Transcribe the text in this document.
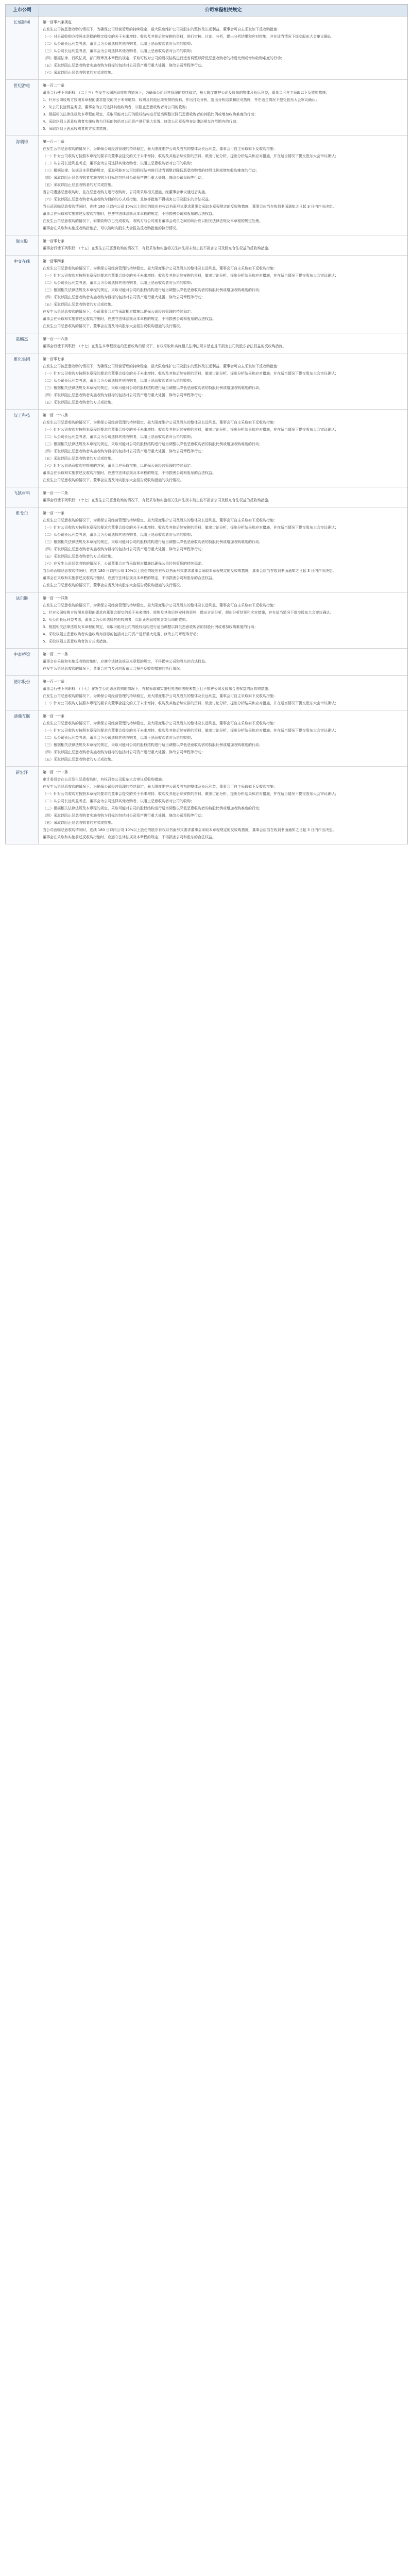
上市公司	公司章程相关规定
长城影视	第一百零六条规定

在发生公司被恶意收购的情况下，为确保公司经营管理的持续稳定，最大限度维护公司及股东的整体及长远利益，董事会可自主采取如下反收购措施：

（一）对公司收购方按照本章程的规定提交的关于未来增持、收购及其他后续安排的资料，进行审核、讨论、分析，提出分析结果和应对措施，并在适当情况下提交股东大会审议确认；

（二）从公司长远利益考虑，董事会为公司选择其他收购者，以阻止恶意收购者对公司的收购；

（三）从公司长远利益考虑，董事会为公司选择其他收购者，以阻止恶意收购者对公司的收购；

（四）根据法律、行政法规、部门规章及本章程的规定，采取可能对公司的股权结构进行适当调整以降低恶意收购者的持股比例或增加收购难度的行动；

（五）采取以阻止恶意收购者实施收购为目标的包括对公司资产进行重大处置、修改公司章程等行动。

（六）采取以阻止恶意收购者的方式或措施。

世纪游轮	第一百二十条

董事会行使下列职权：（二十三）在发生公司恶意收购的情况下，为确保公司经营管理的持续稳定，最大限度维护公司及股东的整体及长远利益，董事会可自主采取以下反收购措施：

1、针对公司收购方按照本章程的要求提交的关于未来增持、收购及其他后续安排的资料，作出讨论分析，提出分析结果和应对措施，并在适当情况下提交股东大会审议确认；

2、从公司长远利益考虑，董事会为公司选择其他收购者，以阻止恶意收购者对公司的收购；

3、根据相关法律法规及本章程的规定，采取可能对公司的股权结构进行适当调整以降低恶意收购者的持股比例或增加收购难度的行动；

4、采取以阻止恶意收购者实施收购为目标的包括对公司资产进行重大处置、修改公司章程等在法律法规允许范围内的行动；

5、采取以阻止恶意收购者的方式或措施。

海利得	第一百一十条

在发生公司恶意收购的情况下，为确保公司经营管理的持续稳定，最大限度维护公司及股东的整体及长远利益，董事会可自主采取如下反收购措施：

（一）针对公司收购方按照本章程的要求向董事会提交的关于未来增持、收购及其他后续安排的资料，做出讨论分析，提出分析结果和应对措施，并在适当情况下提交股东大会审议确认；

（二）从公司长远利益考虑，董事会为公司选择其他收购者，以阻止恶意收购者对公司的收购；

（三）根据法律、法规及本章程的规定，采取可能对公司的股权结构进行适当调整以降低恶意收购者的持股比例或增加收购难度的行动；

（四）采取以阻止恶意收购者实施收购为目标的包括对公司资产进行重大处置、修改公司章程等行动；

（五）采取以阻止恶意收购者的方式或措施。

当公司遭遇恶意收购时，且在恶意收购方进行收购时，公司须采取相关措施，经董事会审议通过后实施。

（六）采取以阻止恶意收购者实施收购为目的的方式或措施，且该等措施不得损害公司及股东的合法权益。

当公司面临恶意收购情况时，连续 180 日以内公司 10%以上股份的股东有权以书面形式要求董事会采取本章程规定的反收购措施，董事会应当在收到书面通知之日起 3 日内作出决定。

董事会在采取和实施前述反收购措施时，应遵守法律法规及本章程的规定，不得损害公司和股东的合法权益。

在发生公司恶意收购的情况下，如果收购方已完成收购，收购方与公司现有董事会成员之间的纠纷应以相关法律法规及本章程的规定处理。

董事会在采取和实施反收购措施后，可以随时向股东大会报告反收购措施的执行情况。

海立股	第一百零七条

董事会行使下列职权：（十五）在发生公司恶意收购的情况下，有权采取和实施相关法律法规未禁止且不损害公司及股东合法权益的反收购措施。

中文在线	第一百零四条

在发生公司恶意收购的情况下，为确保公司经营管理的持续稳定，最大限度维护公司及股东的整体及长远利益，董事会可自主采取如下反收购措施：

（一）针对公司收购方按照本章程的要求向董事会提交的关于未来增持、收购及其他后续安排的资料，做出讨论分析，提出分析结果和应对措施，并在适当情况下提交股东大会审议确认；

（二）从公司长远利益考虑，董事会为公司选择其他收购者，以阻止恶意收购者对公司的收购；

（三）根据相关法律法规及本章程的规定，采取可能对公司的股权结构进行适当调整以降低恶意收购者的持股比例或增加收购难度的行动；

（四）采取以阻止恶意收购者实施收购为目标的包括对公司资产进行重大处置、修改公司章程等行动；

（五）采取以阻止恶意收购者的方式或措施。

在发生公司恶意收购的情况下，公司董事会应当采取相应措施以确保公司经营管理的持续稳定。

董事会在采取和实施前述反收购措施时，应遵守法律法规及本章程的规定，不得损害公司和股东的合法权益。

在发生公司恶意收购的情况下，董事会应当及时向股东大会报告反收购措施的执行情况。

嘉麟杰	第一百一十六条

董事会行使下列职权：（十七）在发生本章程规定的恶意收购的情况下，有权采取和实施相关法律法规未禁止且不损害公司及股东合法权益的反收购措施。

雅化集团	第一百零七条

在发生公司被恶意收购的情况下，为确保公司经营管理的持续稳定，最大限度维护公司及股东的整体及长远利益，董事会可自主采取如下反收购措施：

（一）针对公司收购方按照本章程的要求向董事会提交的关于未来增持、收购及其他后续安排的资料，做出讨论分析，提出分析结果和应对措施，并在适当情况下提交股东大会审议确认；

（二）从公司长远利益考虑，董事会为公司选择其他收购者，以阻止恶意收购者对公司的收购；

（三）根据相关法律法规及本章程的规定，采取可能对公司的股权结构进行适当调整以降低恶意收购者的持股比例或增加收购难度的行动；

（四）采取以阻止恶意收购者实施收购为目标的包括对公司资产进行重大处置、修改公司章程等行动；

（五）采取以阻止恶意收购者的方式或措施。

汉王科技	第一百一十八条

在发生公司恶意收购的情况下，为确保公司经营管理的持续稳定，最大限度维护公司及股东的整体及长远利益，董事会可自主采取如下反收购措施：

（一）针对公司收购方按照本章程的要求向董事会提交的关于未来增持、收购及其他后续安排的资料，做出讨论分析，提出分析结果和应对措施，并在适当情况下提交股东大会审议确认；

（二）从公司长远利益考虑，董事会为公司选择其他收购者，以阻止恶意收购者对公司的收购；

（三）根据相关法律法规及本章程的规定，采取可能对公司的股权结构进行适当调整以降低恶意收购者的持股比例或增加收购难度的行动；

（四）采取以阻止恶意收购者实施收购为目标的包括对公司资产进行重大处置、修改公司章程等行动；

（五）采取以阻止恶意收购者的方式或措施。

（六）针对公司恶意收购方提出的方案，董事会应采取措施，以确保公司经营管理的持续稳定。

董事会在采取和实施前述反收购措施时，应遵守法律法规及本章程的规定，不得损害公司和股东的合法权益。

在发生公司恶意收购的情况下，董事会应当及时向股东大会报告反收购措施的执行情况。

飞凯材料	第一百一十二条

董事会行使下列职权：（十七）在发生公司恶意收购的情况下，有权采取和实施相关法律法规未禁止且不损害公司及股东合法权益的反收购措施。

雅戈尔	第一百一十条

在发生公司恶意收购的情况下，为确保公司经营管理的持续稳定，最大限度维护公司及股东的整体及长远利益，董事会可自主采取如下反收购措施：

（一）针对公司收购方按照本章程的要求向董事会提交的关于未来增持、收购及其他后续安排的资料，做出讨论分析，提出分析结果和应对措施，并在适当情况下提交股东大会审议确认；

（二）从公司长远利益考虑，董事会为公司选择其他收购者，以阻止恶意收购者对公司的收购；

（三）根据相关法律法规及本章程的规定，采取可能对公司的股权结构进行适当调整以降低恶意收购者的持股比例或增加收购难度的行动；

（四）采取以阻止恶意收购者实施收购为目标的包括对公司资产进行重大处置、修改公司章程等行动；

（五）采取以阻止恶意收购者的方式或措施。

（六）在发生公司恶意收购的情况下，公司董事会应当采取相应措施以确保公司经营管理的持续稳定。

当公司面临恶意收购情况时，连续 180 日以内公司 10%以上股份的股东有权以书面形式要求董事会采取本章程规定的反收购措施，董事会应当在收到书面通知之日起 3 日内作出决定。

董事会在采取和实施前述反收购措施时，应遵守法律法规及本章程的规定，不得损害公司和股东的合法权益。

在发生公司恶意收购的情况下，董事会应当及时向股东大会报告反收购措施的执行情况。

法尔胜	第一百一十四条

在发生公司恶意收购的情况下，为确保公司经营管理的持续稳定，最大限度维护公司及股东的整体及长远利益，董事会可自主采取如下反收购措施：

1、针对公司收购方按照本章程的要求向董事会提交的关于未来增持、收购及其他后续安排的资料，做出讨论分析，提出分析结果和应对措施，并在适当情况下提交股东大会审议确认；

2、从公司长远利益考虑，董事会为公司选择其他收购者，以阻止恶意收购者对公司的收购；

3、根据相关法律法规及本章程的规定，采取可能对公司的股权结构进行适当调整以降低恶意收购者的持股比例或增加收购难度的行动；

4、采取以阻止恶意收购者实施收购为目标的包括对公司资产进行重大处置、修改公司章程等行动；

5、采取以阻止恶意收购者的方式或措施。

中泰桥梁	第一百二十一条

董事会在采取和实施反收购措施时，应遵守法律法规及本章程的规定，不得损害公司和股东的合法权益。

在发生公司恶意收购的情况下，董事会应当及时向股东大会报告反收购措施的执行情况。

德尔股份	第一百一十条

董事会行使下列职权：（十七）在发生公司恶意收购的情况下，有权采取和实施相关法律法规未禁止且不损害公司及股东合法权益的反收购措施。

在发生公司恶意收购的情况下，为确保公司经营管理的持续稳定，最大限度维护公司及股东的整体及长远利益，董事会可自主采取如下反收购措施：

（一）针对公司收购方按照本章程的要求向董事会提交的关于未来增持、收购及其他后续安排的资料，做出讨论分析，提出分析结果和应对措施，并在适当情况下提交股东大会审议确认；

通鼎互联	第一百一十条

在发生公司恶意收购的情况下，为确保公司经营管理的持续稳定，最大限度维护公司及股东的整体及长远利益，董事会可自主采取如下反收购措施：

（一）针对公司收购方按照本章程的要求向董事会提交的关于未来增持、收购及其他后续安排的资料，做出讨论分析，提出分析结果和应对措施，并在适当情况下提交股东大会审议确认；

（二）从公司长远利益考虑，董事会为公司选择其他收购者，以阻止恶意收购者对公司的收购；

（三）根据相关法律法规及本章程的规定，采取可能对公司的股权结构进行适当调整以降低恶意收购者的持股比例或增加收购难度的行动；

（四）采取以阻止恶意收购者实施收购为目标的包括对公司资产进行重大处置、修改公司章程等行动；

（五）采取以阻止恶意收购者的方式或措施。

新宏泽	第一百一十一条

审计委员会在公司发生恶意收购时，有权召集公司股东大会审议反收购措施。

在发生公司恶意收购的情况下，为确保公司经营管理的持续稳定，最大限度维护公司及股东的整体及长远利益，董事会可自主采取如下反收购措施：

（一）针对公司收购方按照本章程的要求向董事会提交的关于未来增持、收购及其他后续安排的资料，做出讨论分析，提出分析结果和应对措施，并在适当情况下提交股东大会审议确认；

（二）从公司长远利益考虑，董事会为公司选择其他收购者，以阻止恶意收购者对公司的收购；

（三）根据相关法律法规及本章程的规定，采取可能对公司的股权结构进行适当调整以降低恶意收购者的持股比例或增加收购难度的行动；

（四）采取以阻止恶意收购者实施收购为目标的包括对公司资产进行重大处置、修改公司章程等行动；

（五）采取以阻止恶意收购者的方式或措施。

当公司面临恶意收购情况时，连续 180 日以内公司 10%以上股份的股东有权以书面形式要求董事会采取本章程规定的反收购措施，董事会应当在收到书面通知之日起 3 日内作出决定。

董事会在采取和实施前述反收购措施时，应遵守法律法规及本章程的规定，不得损害公司和股东的合法权益。
